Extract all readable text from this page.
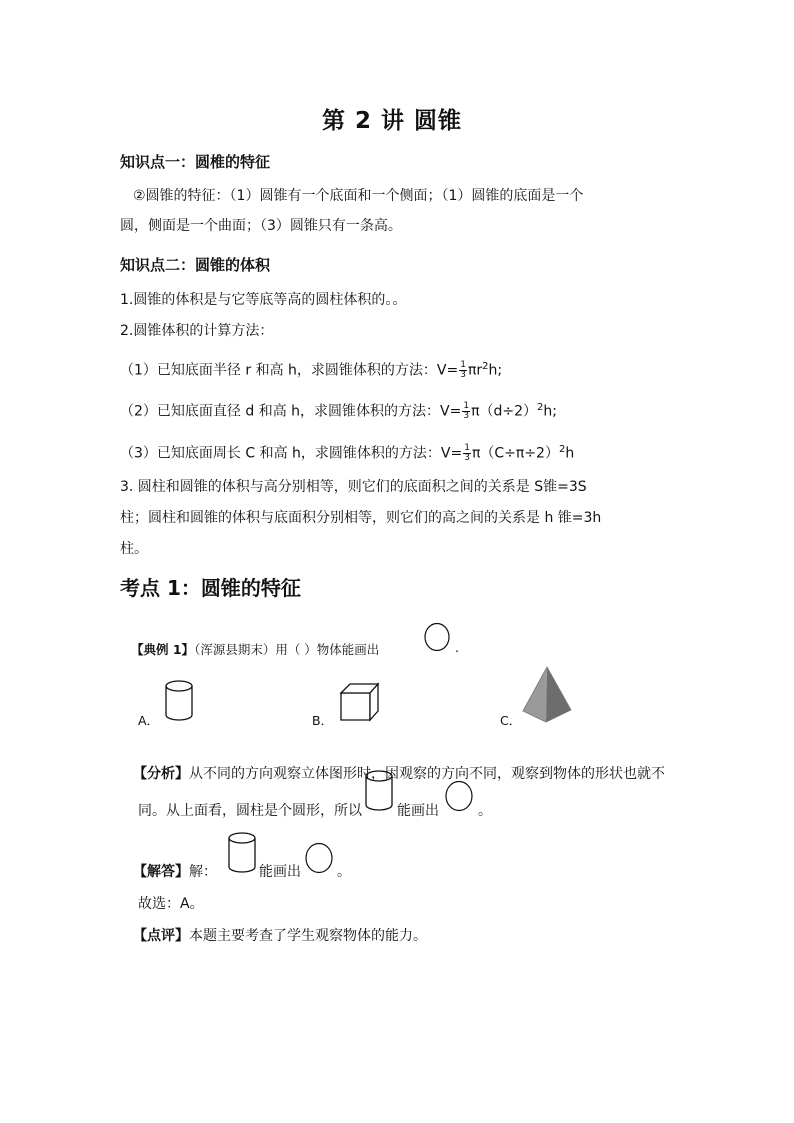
第 2 讲 圆锥
知识点一：圆椎的特征
②圆锥的特征：（1）圆锥有一个底面和一个侧面；（1）圆锥的底面是一个
圆，侧面是一个曲面；（3）圆锥只有一条高。
知识点二：圆锥的体积
1.圆锥的体积是与它等底等高的圆柱体积的。。
2.圆锥体积的计算方法：
（1）已知底面半径 r 和高 h，求圆锥体积的方法：$V= \frac{1}{3} \pi r^2h$;
（2）已知底面直径 d 和高 h，求圆锥体积的方法：$V= \frac{1}{3} \pi(d\div 2)^2h$;
（3）已知底面周长 C 和高 h，求圆锥体积的方法：$V= \frac{1}{3} \pi(C\div\pi\div 2)^2h$
3. 圆柱和圆锥的体积与高分别相等，则它们的底面积之间的关系是 S锥=3S
柱；圆柱和圆锥的体积与底面积分别相等，则它们的高之间的关系是 h 锥=3h
柱。
考点 1：圆锥的特征
【典例 1】（浑源县期末）用（ ）物体能画出	.
A．	B．	C．
【分析】从不同的方向观察立体图形时，因观察的方向不同，观察到物体的形状也就不
同。从上面看，圆柱是个圆形，所以	能画出	。
【解答】解：	能画出	。
故选：A。
【点评】本题主要考查了学生观察物体的能力。
